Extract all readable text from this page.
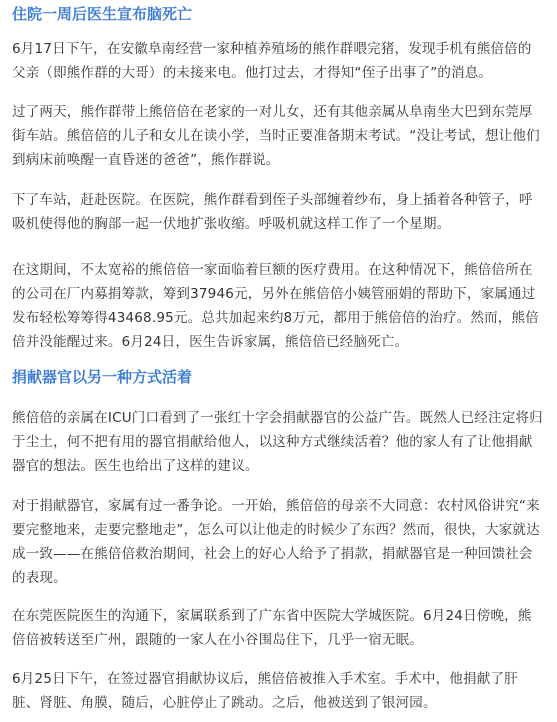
住院一周后医生宣布脑死亡

6月17日下午，在安徽阜南经营一家种植养殖场的熊作群喂完猪，发现手机有熊倍倍的父亲（即熊作群的大哥）的未接来电。他打过去，才得知“侄子出事了”的消息。

过了两天，熊作群带上熊倍倍在老家的一对儿女，还有其他亲属从阜南坐大巴到东莞厚街车站。熊倍倍的儿子和女儿在读小学，当时正要准备期末考试。“没让考试，想让他们到病床前唤醒一直昏迷的爸爸”，熊作群说。

下了车站，赶赴医院。在医院，熊作群看到侄子头部缠着纱布，身上插着各种管子，呼吸机使得他的胸部一起一伏地扩张收缩。呼吸机就这样工作了一个星期。

在这期间，不太宽裕的熊倍倍一家面临着巨额的医疗费用。在这种情况下，熊倍倍所在的公司在厂内募捐筹款，筹到37946元，另外在熊倍倍小姨管丽娟的帮助下，家属通过发布轻松筹筹得43468.95元。总共加起来约8万元，都用于熊倍倍的治疗。然而，熊倍倍并没能醒过来。6月24日，医生告诉家属，熊倍倍已经脑死亡。

捐献器官以另一种方式活着

熊倍倍的亲属在ICU门口看到了一张红十字会捐献器官的公益广告。既然人已经注定将归于尘土，何不把有用的器官捐献给他人，以这种方式继续活着？他的家人有了让他捐献器官的想法。医生也给出了这样的建议。

对于捐献器官，家属有过一番争论。一开始，熊倍倍的母亲不大同意：农村风俗讲究“来要完整地来，走要完整地走”，怎么可以让他走的时候少了东西？然而，很快，大家就达成一致——在熊倍倍救治期间，社会上的好心人给予了捐款，捐献器官是一种回馈社会的表现。

在东莞医院医生的沟通下，家属联系到了广东省中医院大学城医院。6月24日傍晚，熊倍倍被转送至广州，跟随的一家人在小谷围岛住下，几乎一宿无眠。

6月25日下午，在签过器官捐献协议后，熊倍倍被推入手术室。手术中，他捐献了肝脏、肾脏、角膜，随后，心脏停止了跳动。之后，他被送到了银河园。
